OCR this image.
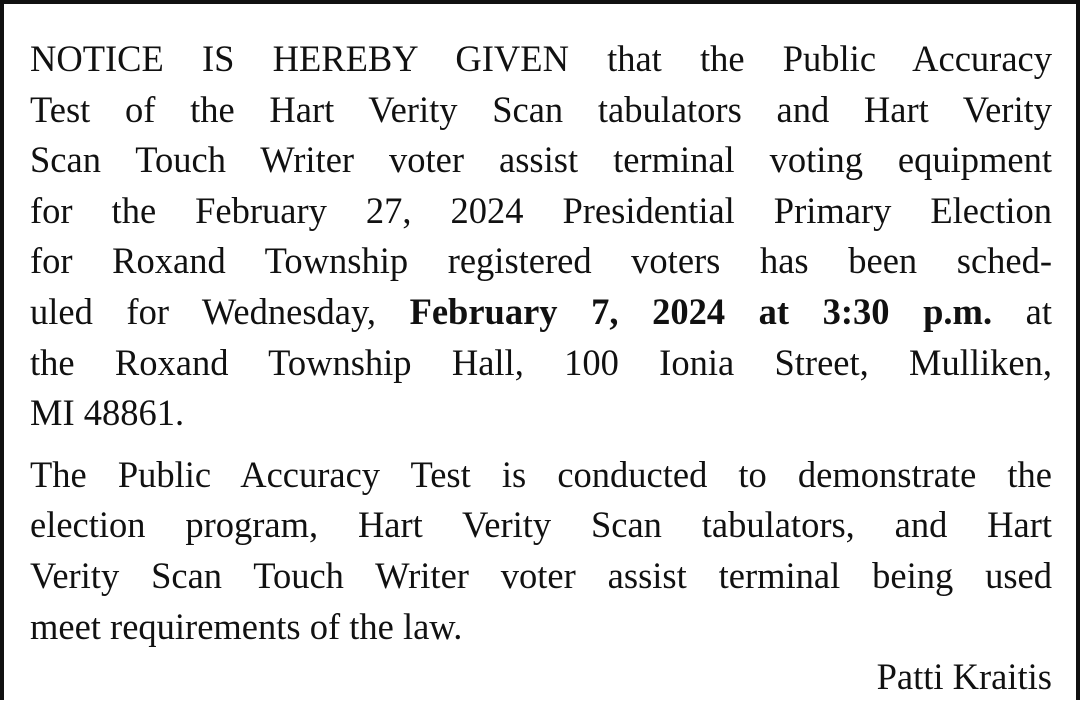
NOTICE IS HEREBY GIVEN that the Public Accuracy
Test of the Hart Verity Scan tabulators and Hart Verity
Scan Touch Writer voter assist terminal voting equipment
for the February 27, 2024 Presidential Primary Election
for Roxand Township registered voters has been sched-
uled for Wednesday, February 7, 2024 at 3:30 p.m. at
the Roxand Township Hall, 100 Ionia Street, Mulliken,
MI 48861.
The Public Accuracy Test is conducted to demonstrate the
election program, Hart Verity Scan tabulators, and Hart
Verity Scan Touch Writer voter assist terminal being used
meet requirements of the law.
Patti Kraitis
